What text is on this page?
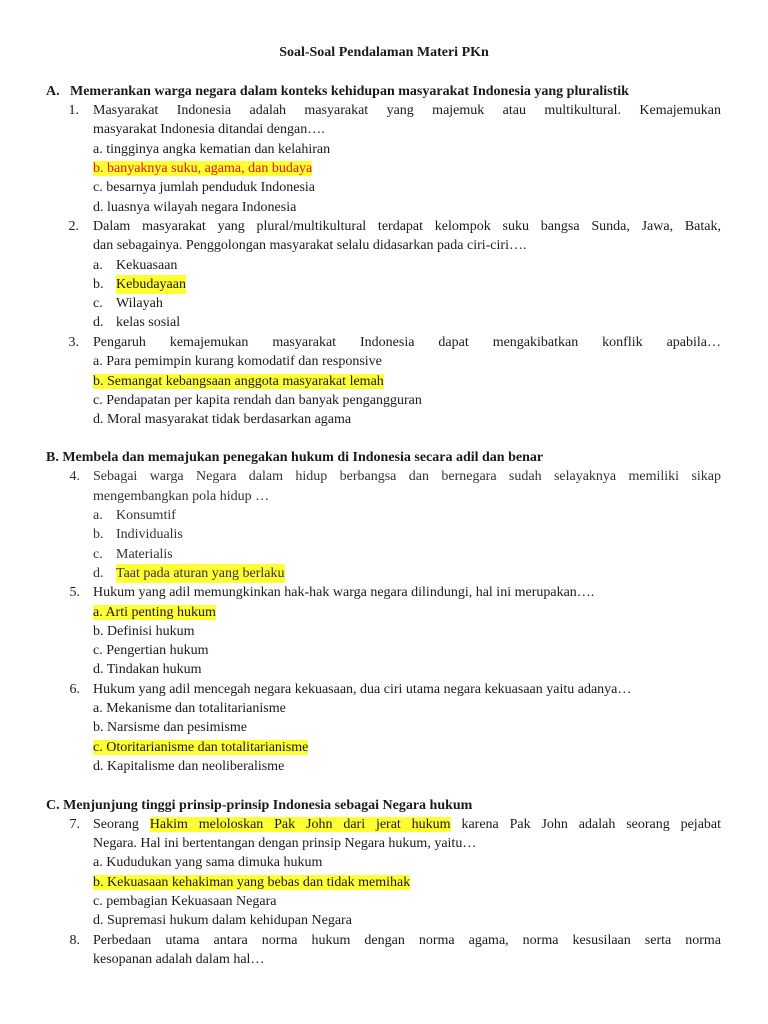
Soal-Soal Pendalaman Materi PKn
A. Memerankan warga negara dalam konteks kehidupan masyarakat Indonesia yang pluralistik
1. Masyarakat Indonesia adalah masyarakat yang majemuk atau multikultural. Kemajemukan
masyarakat Indonesia ditandai dengan….
a. tingginya angka kematian dan kelahiran
b. banyaknya suku, agama, dan budaya
c. besarnya jumlah penduduk Indonesia
d. luasnya wilayah negara Indonesia
2. Dalam masyarakat yang plural/multikultural terdapat kelompok suku bangsa Sunda, Jawa, Batak,
dan sebagainya. Penggolongan masyarakat selalu didasarkan pada ciri-ciri….
a. Kekuasaan
b. Kebudayaan
c. Wilayah
d. kelas sosial
3. Pengaruh kemajemukan masyarakat Indonesia dapat mengakibatkan konflik apabila…
a. Para pemimpin kurang komodatif dan responsive
b. Semangat kebangsaan anggota masyarakat lemah
c. Pendapatan per kapita rendah dan banyak pengangguran
d. Moral masyarakat tidak berdasarkan agama
B. Membela dan memajukan penegakan hukum di Indonesia secara adil dan benar
4. Sebagai warga Negara dalam hidup berbangsa dan bernegara sudah selayaknya memiliki sikap
mengembangkan pola hidup …
a. Konsumtif
b. Individualis
c. Materialis
d. Taat pada aturan yang berlaku
5. Hukum yang adil memungkinkan hak-hak warga negara dilindungi, hal ini merupakan….
a. Arti penting hukum
b. Definisi hukum
c. Pengertian hukum
d. Tindakan hukum
6. Hukum yang adil mencegah negara kekuasaan, dua ciri utama negara kekuasaan yaitu adanya…
a. Mekanisme dan totalitarianisme
b. Narsisme dan pesimisme
c. Otoritarianisme dan totalitarianisme
d. Kapitalisme dan neoliberalisme
C. Menjunjung tinggi prinsip-prinsip Indonesia sebagai Negara hukum
7. Seorang Hakim meloloskan Pak John dari jerat hukum karena Pak John adalah seorang pejabat
Negara. Hal ini bertentangan dengan prinsip Negara hukum, yaitu…
a. Kududukan yang sama dimuka hukum
b. Kekuasaan kehakiman yang bebas dan tidak memihak
c. pembagian Kekuasaan Negara
d. Supremasi hukum dalam kehidupan Negara
8. Perbedaan utama antara norma hukum dengan norma agama, norma kesusilaan serta norma
kesopanan adalah dalam hal…
